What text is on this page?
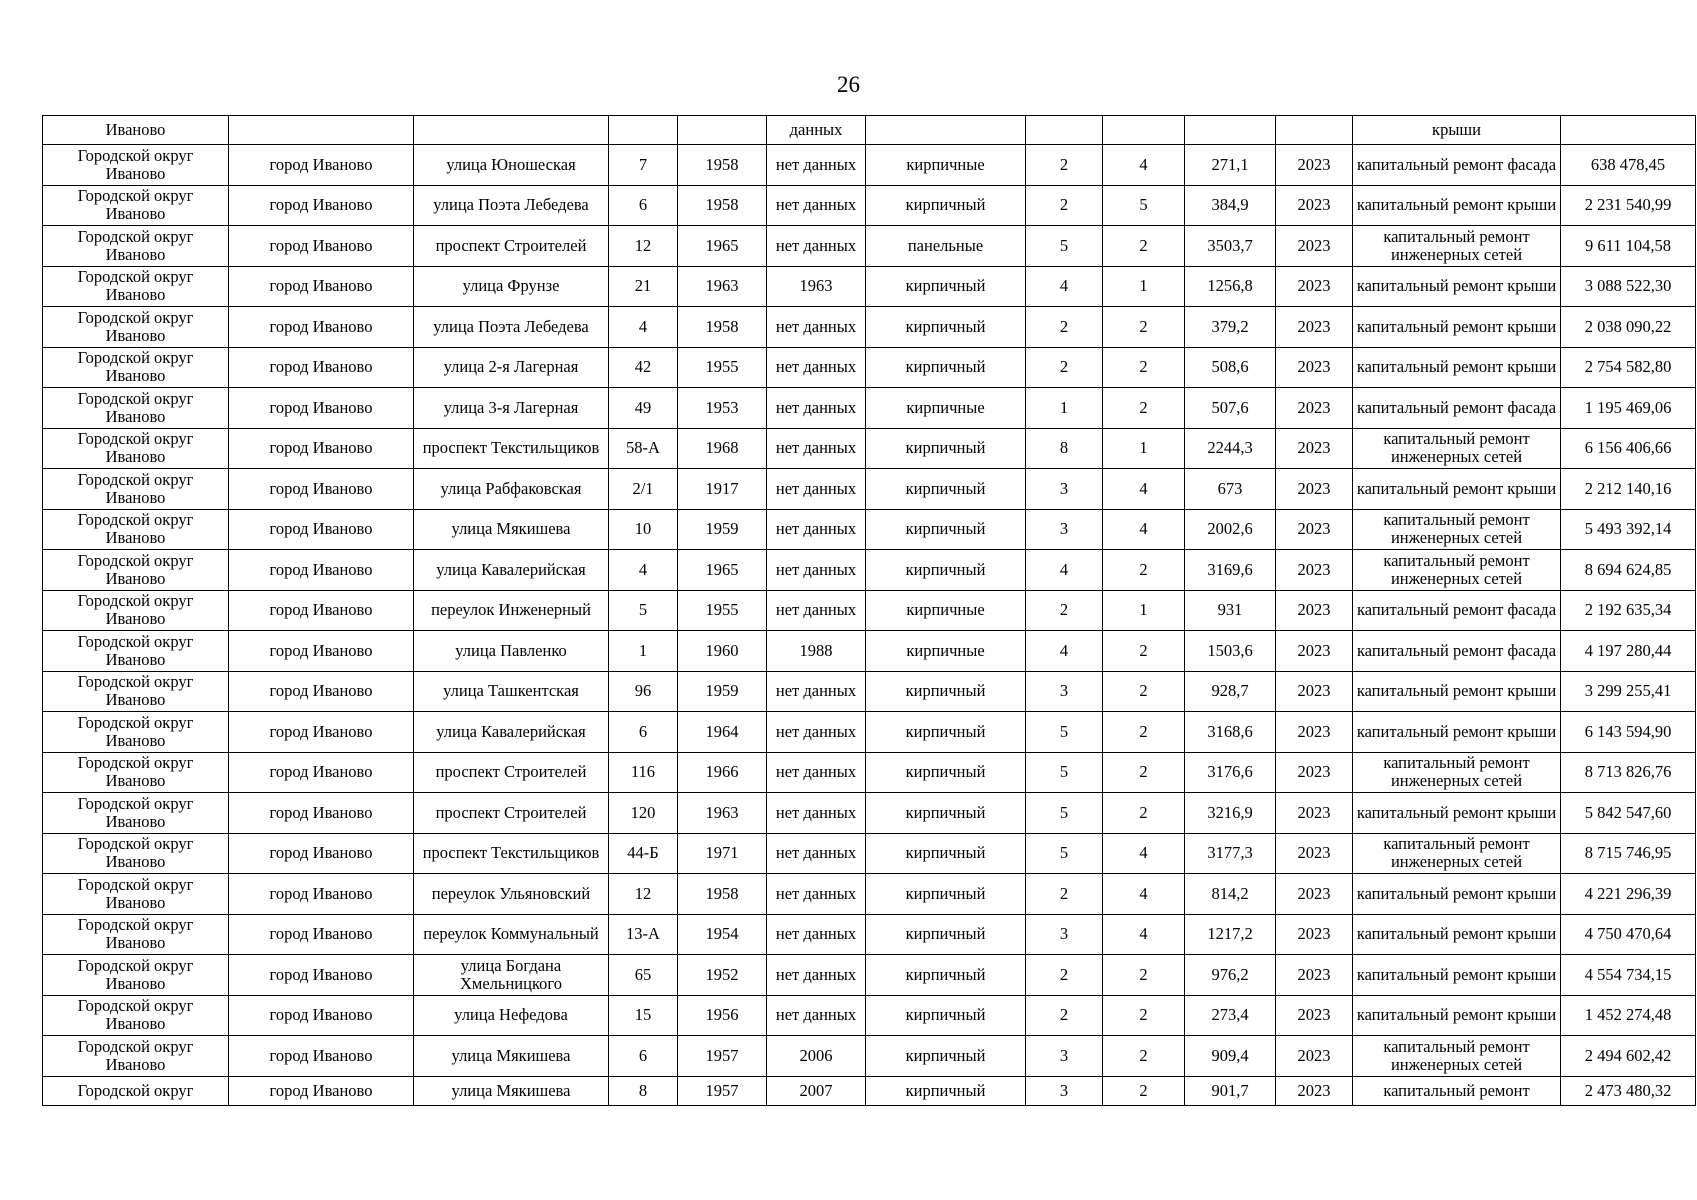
26
Иваново					данных						крыши	

Городской округ
Иваново	город Иваново	улица Юношеская	7	1958	нет данных	кирпичные	2	4	271,1	2023	капитальный ремонт фасада	638 478,45

Городской округ
Иваново	город Иваново	улица Поэта Лебедева	6	1958	нет данных	кирпичный	2	5	384,9	2023	капитальный ремонт крыши	2 231 540,99

Городской округ
Иваново	город Иваново	проспект Строителей	12	1965	нет данных	панельные	5	2	3503,7	2023	капитальный ремонт инженерных сетей	9 611 104,58

Городской округ
Иваново	город Иваново	улица Фрунзе	21	1963	1963	кирпичный	4	1	1256,8	2023	капитальный ремонт крыши	3 088 522,30

Городской округ
Иваново	город Иваново	улица Поэта Лебедева	4	1958	нет данных	кирпичный	2	2	379,2	2023	капитальный ремонт крыши	2 038 090,22

Городской округ
Иваново	город Иваново	улица 2-я Лагерная	42	1955	нет данных	кирпичный	2	2	508,6	2023	капитальный ремонт крыши	2 754 582,80

Городской округ
Иваново	город Иваново	улица 3-я Лагерная	49	1953	нет данных	кирпичные	1	2	507,6	2023	капитальный ремонт фасада	1 195 469,06

Городской округ
Иваново	город Иваново	проспект Текстильщиков	58-А	1968	нет данных	кирпичный	8	1	2244,3	2023	капитальный ремонт инженерных сетей	6 156 406,66

Городской округ
Иваново	город Иваново	улица Рабфаковская	2/1	1917	нет данных	кирпичный	3	4	673	2023	капитальный ремонт крыши	2 212 140,16

Городской округ
Иваново	город Иваново	улица Мякишева	10	1959	нет данных	кирпичный	3	4	2002,6	2023	капитальный ремонт инженерных сетей	5 493 392,14

Городской округ
Иваново	город Иваново	улица Кавалерийская	4	1965	нет данных	кирпичный	4	2	3169,6	2023	капитальный ремонт инженерных сетей	8 694 624,85

Городской округ
Иваново	город Иваново	переулок Инженерный	5	1955	нет данных	кирпичные	2	1	931	2023	капитальный ремонт фасада	2 192 635,34

Городской округ
Иваново	город Иваново	улица Павленко	1	1960	1988	кирпичные	4	2	1503,6	2023	капитальный ремонт фасада	4 197 280,44

Городской округ
Иваново	город Иваново	улица Ташкентская	96	1959	нет данных	кирпичный	3	2	928,7	2023	капитальный ремонт крыши	3 299 255,41

Городской округ
Иваново	город Иваново	улица Кавалерийская	6	1964	нет данных	кирпичный	5	2	3168,6	2023	капитальный ремонт крыши	6 143 594,90

Городской округ
Иваново	город Иваново	проспект Строителей	116	1966	нет данных	кирпичный	5	2	3176,6	2023	капитальный ремонт инженерных сетей	8 713 826,76

Городской округ
Иваново	город Иваново	проспект Строителей	120	1963	нет данных	кирпичный	5	2	3216,9	2023	капитальный ремонт крыши	5 842 547,60

Городской округ
Иваново	город Иваново	проспект Текстильщиков	44-Б	1971	нет данных	кирпичный	5	4	3177,3	2023	капитальный ремонт инженерных сетей	8 715 746,95

Городской округ
Иваново	город Иваново	переулок Ульяновский	12	1958	нет данных	кирпичный	2	4	814,2	2023	капитальный ремонт крыши	4 221 296,39

Городской округ
Иваново	город Иваново	переулок Коммунальный	13-А	1954	нет данных	кирпичный	3	4	1217,2	2023	капитальный ремонт крыши	4 750 470,64

Городской округ
Иваново	город Иваново	улица Богдана Хмельницкого	65	1952	нет данных	кирпичный	2	2	976,2	2023	капитальный ремонт крыши	4 554 734,15

Городской округ
Иваново	город Иваново	улица Нефедова	15	1956	нет данных	кирпичный	2	2	273,4	2023	капитальный ремонт крыши	1 452 274,48

Городской округ
Иваново	город Иваново	улица Мякишева	6	1957	2006	кирпичный	3	2	909,4	2023	капитальный ремонт инженерных сетей	2 494 602,42
Городской округ	город Иваново	улица Мякишева	8	1957	2007	кирпичный	3	2	901,7	2023	капитальный ремонт	2 473 480,32
